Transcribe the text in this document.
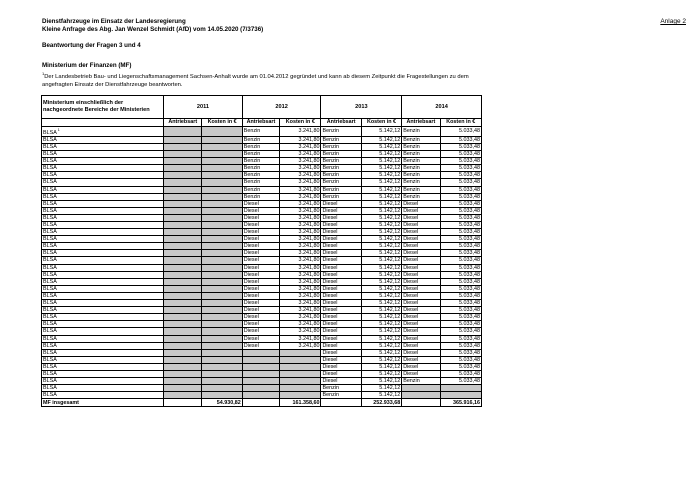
Dienstfahrzeuge im Einsatz der Landesregierung
Kleine Anfrage des Abg. Jan Wenzel Schmidt (AfD) vom 14.05.2020 (7/3736)
Beantwortung der Fragen 3 und 4
Anlage 2
Ministerium der Finanzen (MF)
$^1$Der Landesbetrieb Bau- und Liegenschaftsmanagement Sachsen-Anhalt wurde am 01.04.2012 gegründet und kann ab diesem Zeitpunkt die Fragestellungen zu dem angefragten Einsatz der Dienstfahrzeuge beantworten.
Ministerium einschließlich der nachgeordnete Bereiche der Ministerien	2011		2012		2013		2014	
	Antriebsart	Kosten in €	Antriebsart	Kosten in €	Antriebsart	Kosten in €	Antriebsart	Kosten in €
BLSA$^1$			Benzin	3.241,80	Benzin	5.142,12	Benzin	5.033,48
BLSA			Benzin	3.241,80	Benzin	5.142,12	Benzin	5.033,48
BLSA			Benzin	3.241,80	Benzin	5.142,12	Benzin	5.033,48
BLSA			Benzin	3.241,80	Benzin	5.142,12	Benzin	5.033,48
BLSA			Benzin	3.241,80	Benzin	5.142,12	Benzin	5.033,48
BLSA			Benzin	3.241,80	Benzin	5.142,12	Benzin	5.033,48
BLSA			Benzin	3.241,80	Benzin	5.142,12	Benzin	5.033,48
BLSA			Benzin	3.241,80	Benzin	5.142,12	Benzin	5.033,48
BLSA			Benzin	3.241,80	Benzin	5.142,12	Benzin	5.033,48
BLSA			Benzin	3.241,80	Benzin	5.142,12	Benzin	5.033,48
BLSA			Diesel	3.241,80	Diesel	5.142,12	Diesel	5.033,48
BLSA			Diesel	3.241,80	Diesel	5.142,12	Diesel	5.033,48
BLSA			Diesel	3.241,80	Diesel	5.142,12	Diesel	5.033,48
BLSA			Diesel	3.241,80	Diesel	5.142,12	Diesel	5.033,48
BLSA			Diesel	3.241,80	Diesel	5.142,12	Diesel	5.033,48
BLSA			Diesel	3.241,80	Diesel	5.142,12	Diesel	5.033,48
BLSA			Diesel	3.241,80	Diesel	5.142,12	Diesel	5.033,48
BLSA			Diesel	3.241,80	Diesel	5.142,12	Diesel	5.033,48
BLSA			Diesel	3.241,80	Diesel	5.142,12	Diesel	5.033,48
BLSA			Diesel	3.241,80	Diesel	5.142,12	Diesel	5.033,48
BLSA			Diesel	3.241,80	Diesel	5.142,12	Diesel	5.033,48
BLSA			Diesel	3.241,80	Diesel	5.142,12	Diesel	5.033,48
BLSA			Diesel	3.241,80	Diesel	5.142,12	Diesel	5.033,48
BLSA			Diesel	3.241,80	Diesel	5.142,12	Diesel	5.033,48
BLSA			Diesel	3.241,80	Diesel	5.142,12	Diesel	5.033,48
BLSA			Diesel	3.241,80	Diesel	5.142,12	Diesel	5.033,48
BLSA			Diesel	3.241,80	Diesel	5.142,12	Diesel	5.033,48
BLSA			Diesel	3.241,80	Diesel	5.142,12	Diesel	5.033,48
BLSA			Diesel	3.241,80	Diesel	5.142,12	Diesel	5.033,48
BLSA			Diesel	3.241,80	Diesel	5.142,12	Diesel	5.033,48
BLSA			Diesel	3.241,80	Diesel	5.142,12	Diesel	5.033,48
BLSA					Diesel	5.142,12	Diesel	5.033,48
BLSA					Diesel	5.142,12	Diesel	5.033,48
BLSA					Diesel	5.142,12	Diesel	5.033,48
BLSA					Diesel	5.142,12	Diesel	5.033,48
BLSA					Diesel	5.142,12	Benzin	5.033,48
BLSA					Benzin	5.142,12		
BLSA					Benzin	5.142,12		
MF insgesamt		54.930,82		161.358,60		252.933,68		365.916,16
